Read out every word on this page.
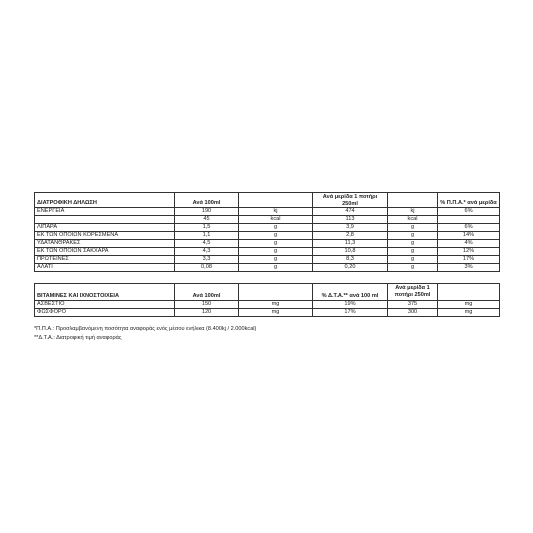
ΔΙΑΤΡΟΦΙΚΗ ΔΗΛΩΣΗ	Ανά 100ml		Ανά μερίδα 1 ποτήρι 250ml		% Π.Π.Α.* ανά μερίδα
ΕΝΕΡΓΕΙΑ	190	kj	474	kj	6%
	45	kcal	113	kcal	
ΛΙΠΑΡΑ	1,5	g	3,9	g	6%
ΕΚ ΤΩΝ ΟΠΟΙΩΝ ΚΟΡΕΣΜΕΝΑ	1,1	g	2,8	g	14%
ΥΔΑΤΑΝΘΡΑΚΕΣ	4,5	g	11,3	g	4%
ΕΚ ΤΩΝ ΟΠΟΙΩΝ ΣΑΚΧΑΡΑ	4,3	g	10,8	g	12%
ΠΡΩΤΕΙΝΕΣ	3,3	g	8,3	g	17%
ΑΛΑΤΙ	0,08	g	0,20	g	3%
ΒΙΤΑΜΙΝΕΣ ΚΑΙ ΙΧΝΟΣΤΟΙΧΕΙΑ	Ανά 100ml		% Δ.Τ.Α.** ανά 100 ml	Ανά μερίδα 1 ποτήρι 250ml	
ΑΣΒΕΣΤΙΟ	150	mg	19%	375	mg
ΦΩΣΦΟΡΟ	120	mg	17%	300	mg
*Π.Π.Α.: Προσλαμβανόμενη ποσότητα αναφοράς ενός μέσου ενήλικα (8.400kj / 2.000kcal)
**Δ.Τ.Α.: Διατροφική τιμή αναφοράς
